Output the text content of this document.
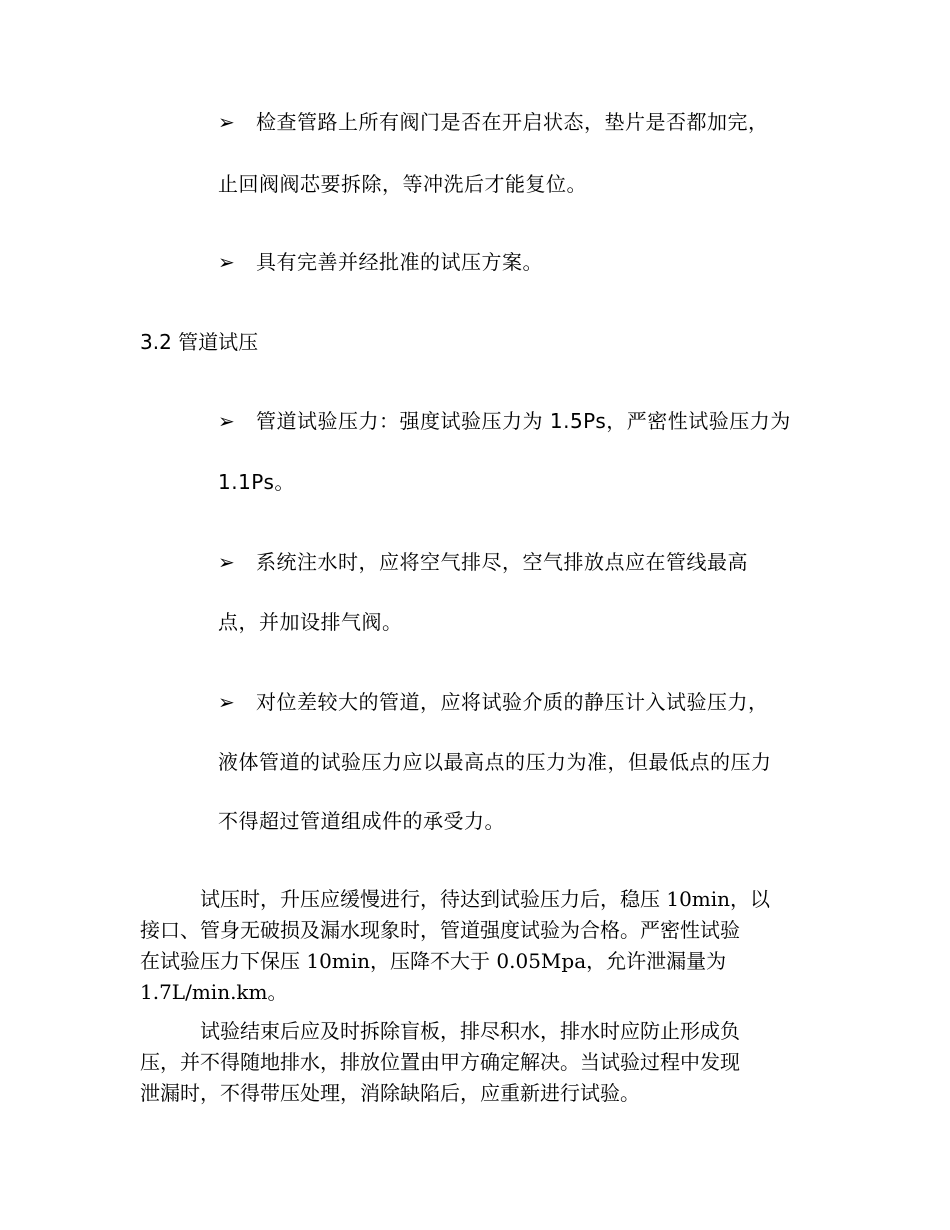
➢ 检查管路上所有阀门是否在开启状态，垫片是否都加完，
止回阀阀芯要拆除，等冲洗后才能复位。
➢ 具有完善并经批准的试压方案。
3.2 管道试压
➢ 管道试验压力：强度试验压力为 1.5Ps，严密性试验压力为
1.1Ps。
➢ 系统注水时，应将空气排尽，空气排放点应在管线最高
点，并加设排气阀。
➢ 对位差较大的管道，应将试验介质的静压计入试验压力，
液体管道的试验压力应以最高点的压力为准，但最低点的压力
不得超过管道组成件的承受力。
试压时，升压应缓慢进行，待达到试验压力后，稳压 10min，以
接口、管身无破损及漏水现象时，管道强度试验为合格。严密性试验
在试验压力下保压 10min，压降不大于 0.05Mpa，允许泄漏量为
1.7L/min.km。
试验结束后应及时拆除盲板，排尽积水，排水时应防止形成负
压，并不得随地排水，排放位置由甲方确定解决。当试验过程中发现
泄漏时，不得带压处理，消除缺陷后，应重新进行试验。
